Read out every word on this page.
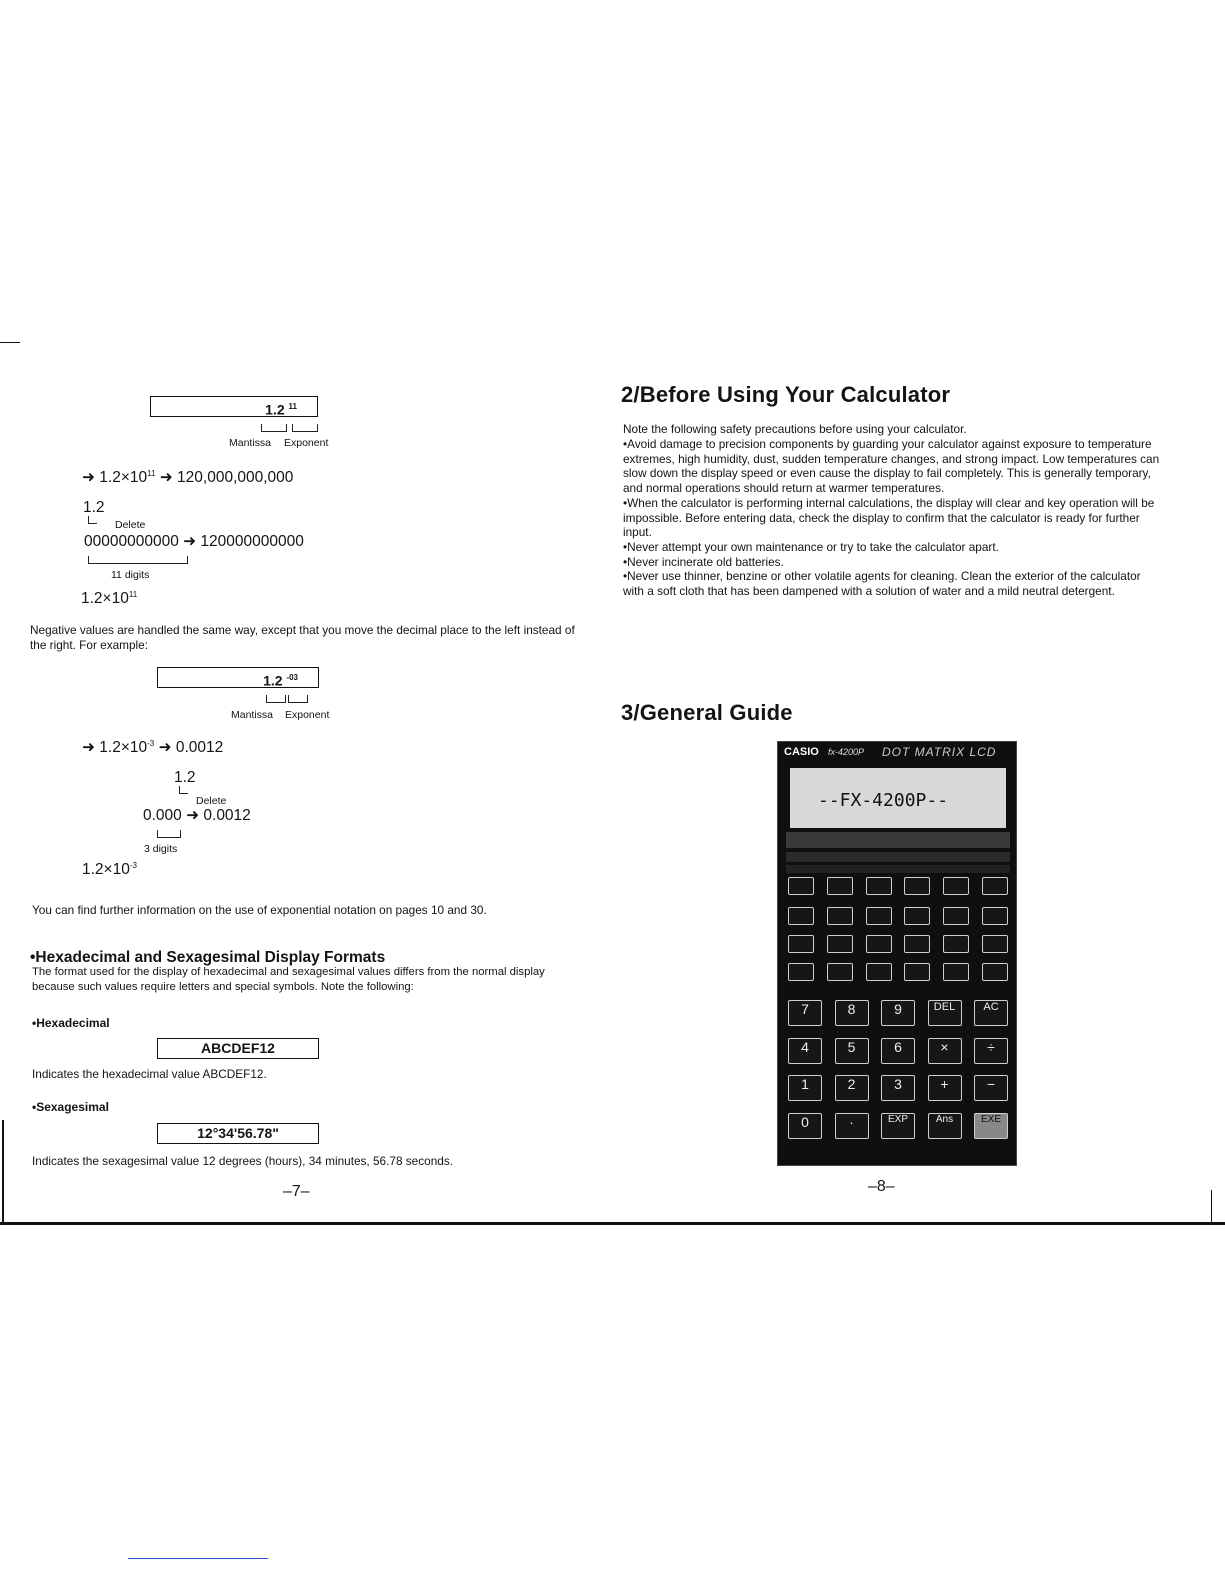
1.2 $^{11}$
Mantissa Exponent
➜ $1.2\times 10^{11}$ ➜ 120,000,000,000
1.2
Delete
00000000000 ➜ 120000000000
11 digits
$1.2\times 10^{11}$
Negative values are handled the same way, except that you move the decimal place to the left instead of the right. For example:
1.2 $^{-03}$
Mantissa Exponent
➜ $1.2\times 10^{-3}$ ➜ 0.0012
1.2
Delete
0.000 ➜ 0.0012
3 digits
$1.2\times 10^{-3}$
You can find further information on the use of exponential notation on pages 10 and 30.
•Hexadecimal and Sexagesimal Display Formats
The format used for the display of hexadecimal and sexagesimal values differs from the normal display because such values require letters and special symbols. Note the following:
•Hexadecimal
ABCDEF12
Indicates the hexadecimal value ABCDEF12.
•Sexagesimal
12°34'56.78"
Indicates the sexagesimal value 12 degrees (hours), 34 minutes, 56.78 seconds.
–7–
2/Before Using Your Calculator
Note the following safety precautions before using your calculator.
•Avoid damage to precision components by guarding your calculator against exposure to temperature extremes, high humidity, dust, sudden temperature changes, and strong impact. Low temperatures can slow down the display speed or even cause the display to fail completely. This is generally temporary, and normal operations should return at warmer temperatures.
•When the calculator is performing internal calculations, the display will clear and key operation will be impossible. Before entering data, check the display to confirm that the calculator is ready for further input.
•Never attempt your own maintenance or try to take the calculator apart.
•Never incinerate old batteries.
•Never use thinner, benzine or other volatile agents for cleaning. Clean the exterior of the calculator with a soft cloth that has been dampened with a solution of water and a mild neutral detergent.
3/General Guide
CASIO fx-4200P DOT MATRIX LCD
--FX-4200P--
7	8	9	DEL	AC
4	5	6	×	÷
1	2	3	+	−
0	·	EXP	Ans	EXE
–8–
